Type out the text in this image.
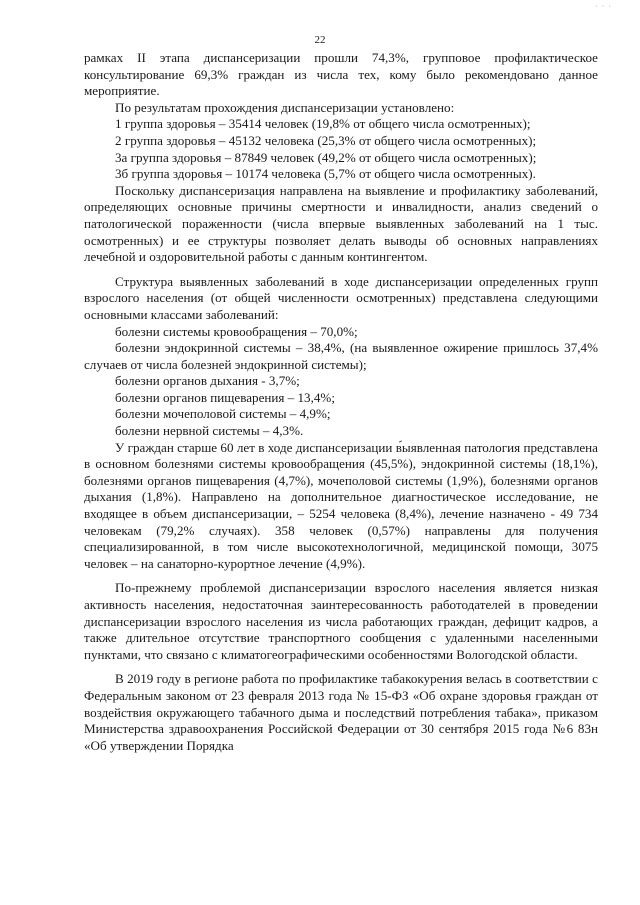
· · ·
22

рамках II этапа диспансеризации прошли 74,3%, групповое профилактическое консультирование 69,3% граждан из числа тех, кому было рекомендовано данное мероприятие.

По результатам прохождения диспансеризации установлено:

1 группа здоровья – 35414 человек (19,8% от общего числа осмотренных);

2 группа здоровья – 45132 человека (25,3% от общего числа осмотренных);

3а группа здоровья – 87849 человек (49,2% от общего числа осмотренных);

3б группа здоровья – 10174 человека (5,7% от общего числа осмотренных).

Поскольку диспансеризация направлена на выявление и профилактику заболеваний, определяющих основные причины смертности и инвалидности, анализ сведений о патологической пораженности (числа впервые выявленных заболеваний на 1 тыс. осмотренных) и ее структуры позволяет делать выводы об основных направлениях лечебной и оздоровительной работы с данным контингентом.

Структура выявленных заболеваний в ходе диспансеризации определенных групп взрослого населения (от общей численности осмотренных) представлена следующими основными классами заболеваний:

болезни системы кровообращения – 70,0%;

болезни эндокринной системы – 38,4%, (на выявленное ожирение пришлось 37,4% случаев от числа болезней эндокринной системы);

болезни органов дыхания - 3,7%;

болезни органов пищеварения – 13,4%;

болезни мочеполовой системы – 4,9%;

болезни нервной системы – 4,3%.

У граждан старше 60 лет в ходе диспансеризации выявленная патология представлена в основном болезнями системы кровообращения (45,5%), эндокринной системы (18,1%), болезнями органов пищеварения (4,7%), мочеполовой системы (1,9%), болезнями органов дыхания (1,8%). Направлено на дополнительное диагностическое исследование, не входящее в объем диспансеризации, – 5254 человека (8,4%), лечение назначено - 49 734 человекам (79,2% случаях). 358 человек (0,57%) направлены для получения специализированной, в том числе высокотехнологичной, медицинской помощи, 3075 человек – на санаторно-курортное лечение (4,9%).

По-прежнему проблемой диспансеризации взрослого населения является низкая активность населения, недостаточная заинтересованность работодателей в проведении диспансеризации взрослого населения из числа работающих граждан, дефицит кадров, а также длительное отсутствие транспортного сообщения с удаленными населенными пунктами, что связано с климатогеографическими особенностями Вологодской области.

В 2019 году в регионе работа по профилактике табакокурения велась в соответствии с Федеральным законом от 23 февраля 2013 года № 15-ФЗ «Об охране здоровья граждан от воздействия окружающего табачного дыма и последствий потребления табака», приказом Министерства здравоохранения Российской Федерации от 30 сентября 2015 года №6 83н «Об утверждении Порядка
